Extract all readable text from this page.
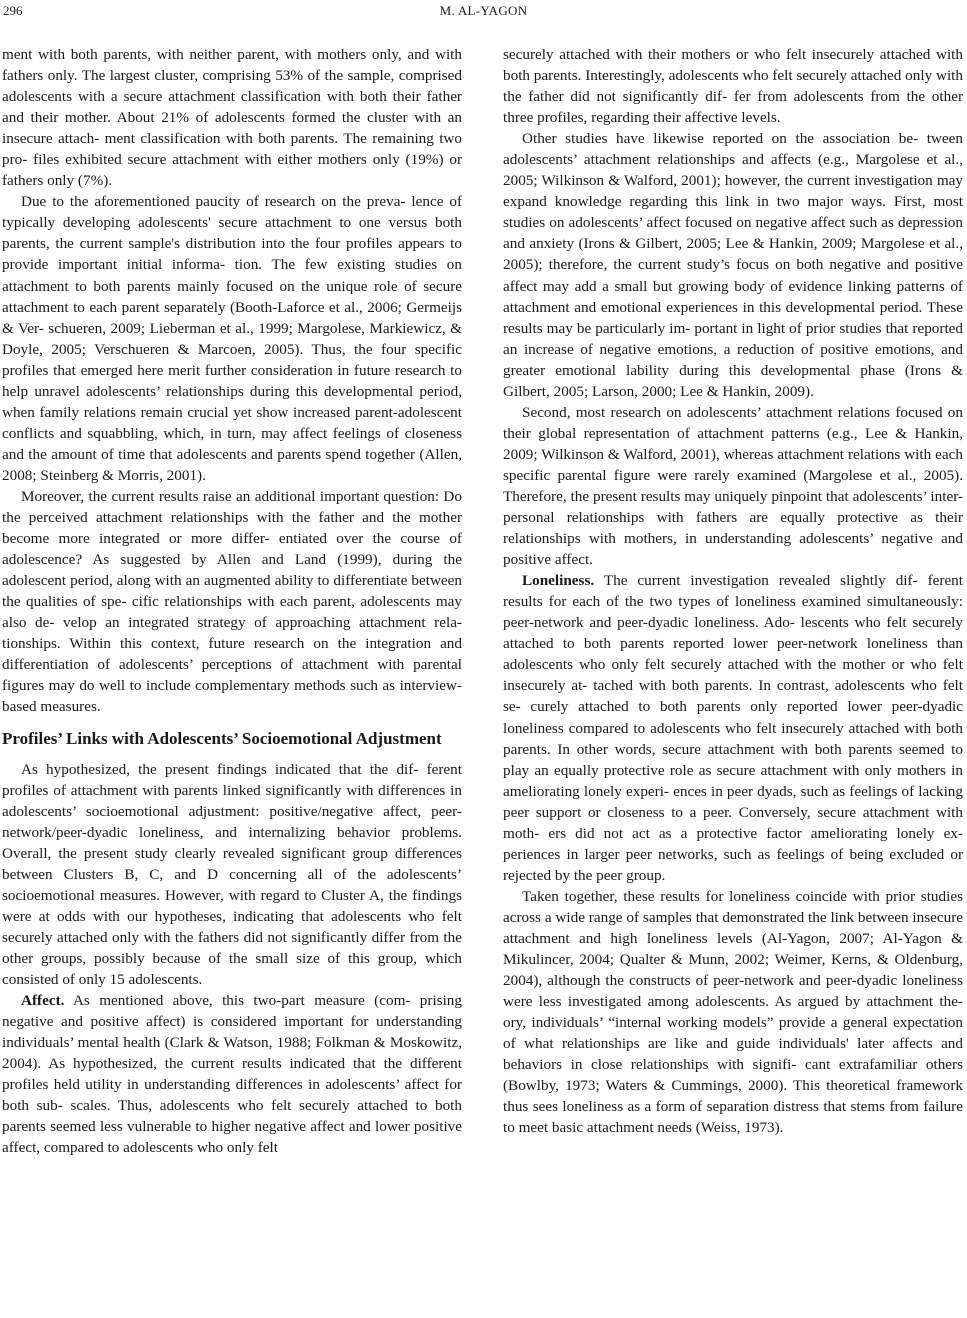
296	M. AL-YAGON

ment with both parents, with neither parent, with mothers only, and with fathers only. The largest cluster, comprising 53% of the sample, comprised adolescents with a secure attachment classification with both their father and their mother. About 21% of adolescents formed the cluster with an insecure attach- ment classification with both parents. The remaining two pro- files exhibited secure attachment with either mothers only (19%) or fathers only (7%).

Due to the aforementioned paucity of research on the preva- lence of typically developing adolescents' secure attachment to one versus both parents, the current sample's distribution into the four profiles appears to provide important initial informa- tion. The few existing studies on attachment to both parents mainly focused on the unique role of secure attachment to each parent separately (Booth-Laforce et al., 2006; Germeijs & Ver- schueren, 2009; Lieberman et al., 1999; Margolese, Markiewicz, & Doyle, 2005; Verschueren & Marcoen, 2005). Thus, the four specific profiles that emerged here merit further consideration in future research to help unravel adolescents’ relationships during this developmental period, when family relations remain crucial yet show increased parent-adolescent conflicts and squabbling, which, in turn, may affect feelings of closeness and the amount of time that adolescents and parents spend together (Allen, 2008; Steinberg & Morris, 2001).

Moreover, the current results raise an additional important question: Do the perceived attachment relationships with the father and the mother become more integrated or more differ- entiated over the course of adolescence? As suggested by Allen and Land (1999), during the adolescent period, along with an augmented ability to differentiate between the qualities of spe- cific relationships with each parent, adolescents may also de- velop an integrated strategy of approaching attachment rela- tionships. Within this context, future research on the integration and differentiation of adolescents’ perceptions of attachment with parental figures may do well to include complementary methods such as interview-based measures.

Profiles’ Links with Adolescents’ Socioemotional Adjustment

As hypothesized, the present findings indicated that the dif- ferent profiles of attachment with parents linked significantly with differences in adolescents’ socioemotional adjustment: positive/negative affect, peer-network/peer-dyadic loneliness, and internalizing behavior problems. Overall, the present study clearly revealed significant group differences between Clusters B, C, and D concerning all of the adolescents’ socioemotional measures. However, with regard to Cluster A, the findings were at odds with our hypotheses, indicating that adolescents who felt securely attached only with the fathers did not significantly differ from the other groups, possibly because of the small size of this group, which consisted of only 15 adolescents.

Affect. As mentioned above, this two-part measure (com- prising negative and positive affect) is considered important for understanding individuals’ mental health (Clark & Watson, 1988; Folkman & Moskowitz, 2004). As hypothesized, the current results indicated that the different profiles held utility in understanding differences in adolescents’ affect for both sub- scales. Thus, adolescents who felt securely attached to both parents seemed less vulnerable to higher negative affect and lower positive affect, compared to adolescents who only felt

securely attached with their mothers or who felt insecurely attached with both parents. Interestingly, adolescents who felt securely attached only with the father did not significantly dif- fer from adolescents from the other three profiles, regarding their affective levels.

Other studies have likewise reported on the association be- tween adolescents’ attachment relationships and affects (e.g., Margolese et al., 2005; Wilkinson & Walford, 2001); however, the current investigation may expand knowledge regarding this link in two major ways. First, most studies on adolescents’ affect focused on negative affect such as depression and anxiety (Irons & Gilbert, 2005; Lee & Hankin, 2009; Margolese et al., 2005); therefore, the current study’s focus on both negative and positive affect may add a small but growing body of evidence linking patterns of attachment and emotional experiences in this developmental period. These results may be particularly im- portant in light of prior studies that reported an increase of negative emotions, a reduction of positive emotions, and greater emotional lability during this developmental phase (Irons & Gilbert, 2005; Larson, 2000; Lee & Hankin, 2009).

Second, most research on adolescents’ attachment relations focused on their global representation of attachment patterns (e.g., Lee & Hankin, 2009; Wilkinson & Walford, 2001), whereas attachment relations with each specific parental figure were rarely examined (Margolese et al., 2005). Therefore, the present results may uniquely pinpoint that adolescents’ inter- personal relationships with fathers are equally protective as their relationships with mothers, in understanding adolescents’ negative and positive affect.

Loneliness. The current investigation revealed slightly dif- ferent results for each of the two types of loneliness examined simultaneously: peer-network and peer-dyadic loneliness. Ado- lescents who felt securely attached to both parents reported lower peer-network loneliness than adolescents who only felt securely attached with the mother or who felt insecurely at- tached with both parents. In contrast, adolescents who felt se- curely attached to both parents only reported lower peer-dyadic loneliness compared to adolescents who felt insecurely attached with both parents. In other words, secure attachment with both parents seemed to play an equally protective role as secure attachment with only mothers in ameliorating lonely experi- ences in peer dyads, such as feelings of lacking peer support or closeness to a peer. Conversely, secure attachment with moth- ers did not act as a protective factor ameliorating lonely ex- periences in larger peer networks, such as feelings of being excluded or rejected by the peer group.

Taken together, these results for loneliness coincide with prior studies across a wide range of samples that demonstrated the link between insecure attachment and high loneliness levels (Al-Yagon, 2007; Al-Yagon & Mikulincer, 2004; Qualter & Munn, 2002; Weimer, Kerns, & Oldenburg, 2004), although the constructs of peer-network and peer-dyadic loneliness were less investigated among adolescents. As argued by attachment the- ory, individuals’ “internal working models” provide a general expectation of what relationships are like and guide individuals' later affects and behaviors in close relationships with signifi- cant extrafamiliar others (Bowlby, 1973; Waters & Cummings, 2000). This theoretical framework thus sees loneliness as a form of separation distress that stems from failure to meet basic attachment needs (Weiss, 1973).
